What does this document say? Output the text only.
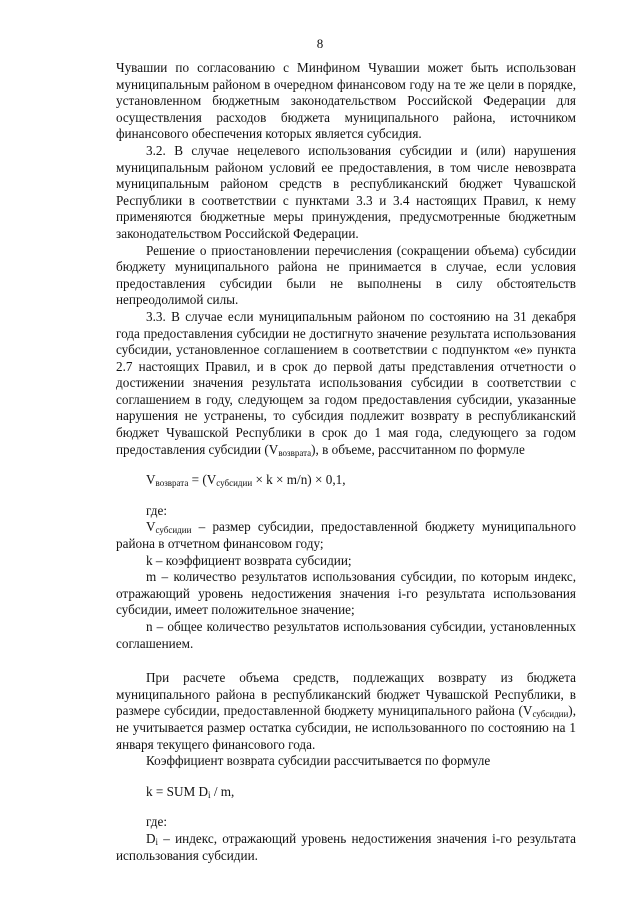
8

Чувашии по согласованию с Минфином Чувашии может быть использован муниципальным районом в очередном финансовом году на те же цели в порядке, установленном бюджетным законодательством Российской Федерации для осуществления расходов бюджета муниципального района, источником финансового обеспечения которых является субсидия.

3.2. В случае нецелевого использования субсидии и (или) нарушения муниципальным районом условий ее предоставления, в том числе невозврата муниципальным районом средств в республиканский бюджет Чувашской Республики в соответствии с пунктами 3.3 и 3.4 настоящих Правил, к нему применяются бюджетные меры принуждения, предусмотренные бюджетным законодательством Российской Федерации.

Решение о приостановлении перечисления (сокращении объема) субсидии бюджету муниципального района не принимается в случае, если условия предоставления субсидии были не выполнены в силу обстоятельств непреодолимой силы.

3.3. В случае если муниципальным районом по состоянию на 31 декабря года предоставления субсидии не достигнуто значение результата использования субсидии, установленное соглашением в соответствии с подпунктом «е» пункта 2.7 настоящих Правил, и в срок до первой даты представления отчетности о достижении значения результата использования субсидии в соответствии с соглашением в году, следующем за годом предоставления субсидии, указанные нарушения не устранены, то субсидия подлежит возврату в республиканский бюджет Чувашской Республики в срок до 1 мая года, следующего за годом предоставления субсидии $(V_{возврата})$, в объеме, рассчитанном по формуле

$V_{возврата} = (V_{субсидии} \times k \times m/n) \times 0,1$,

где:

$V_{субсидии}$ – размер субсидии, предоставленной бюджету муниципального района в отчетном финансовом году;

k – коэффициент возврата субсидии;

m – количество результатов использования субсидии, по которым индекс, отражающий уровень недостижения значения i-го результата использования субсидии, имеет положительное значение;

n – общее количество результатов использования субсидии, установленных соглашением.

При расчете объема средств, подлежащих возврату из бюджета муниципального района в республиканский бюджет Чувашской Республики, в размере субсидии, предоставленной бюджету муниципального района $(V_{субсидии})$, не учитывается размер остатка субсидии, не использованного по состоянию на 1 января текущего финансового года.

Коэффициент возврата субсидии рассчитывается по формуле

k = SUM $D_i$ / m,

где:

$D_i$ – индекс, отражающий уровень недостижения значения i-го результата использования субсидии.
